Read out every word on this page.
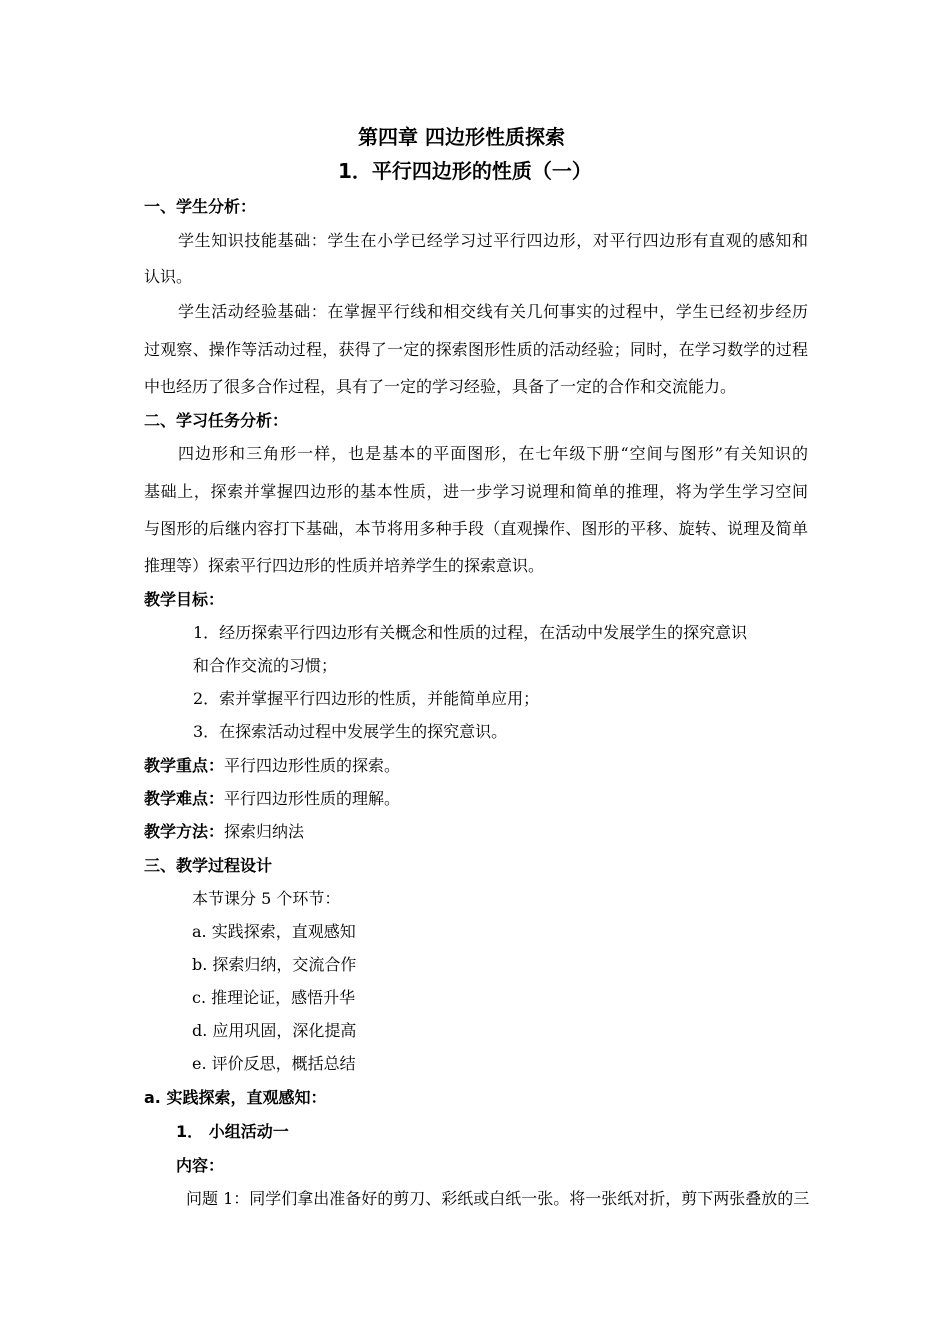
第四章 四边形性质探索
1．平行四边形的性质（一）
一、学生分析：
学生知识技能基础：学生在小学已经学习过平行四边形，对平行四边形有直观的感知和
认识。
学生活动经验基础：在掌握平行线和相交线有关几何事实的过程中，学生已经初步经历
过观察、操作等活动过程，获得了一定的探索图形性质的活动经验；同时，在学习数学的过程
中也经历了很多合作过程，具有了一定的学习经验，具备了一定的合作和交流能力。
二、学习任务分析：
四边形和三角形一样，也是基本的平面图形，在七年级下册“空间与图形”有关知识的
基础上，探索并掌握四边形的基本性质，进一步学习说理和简单的推理，将为学生学习空间
与图形的后继内容打下基础，本节将用多种手段（直观操作、图形的平移、旋转、说理及简单
推理等）探索平行四边形的性质并培养学生的探索意识。
教学目标：
1．经历探索平行四边形有关概念和性质的过程，在活动中发展学生的探究意识
和合作交流的习惯；
2．索并掌握平行四边形的性质，并能简单应用；
3．在探索活动过程中发展学生的探究意识。
教学重点：平行四边形性质的探索。
教学难点：平行四边形性质的理解。
教学方法：探索归纳法
三、教学过程设计
本节课分 5 个环节：
a. 实践探索，直观感知
b. 探索归纳，交流合作
c. 推理论证，感悟升华
d. 应用巩固，深化提高
e. 评价反思，概括总结
a. 实践探索，直观感知：
1． 小组活动一
内容：
问题 1：同学们拿出准备好的剪刀、彩纸或白纸一张。将一张纸对折，剪下两张叠放的三
